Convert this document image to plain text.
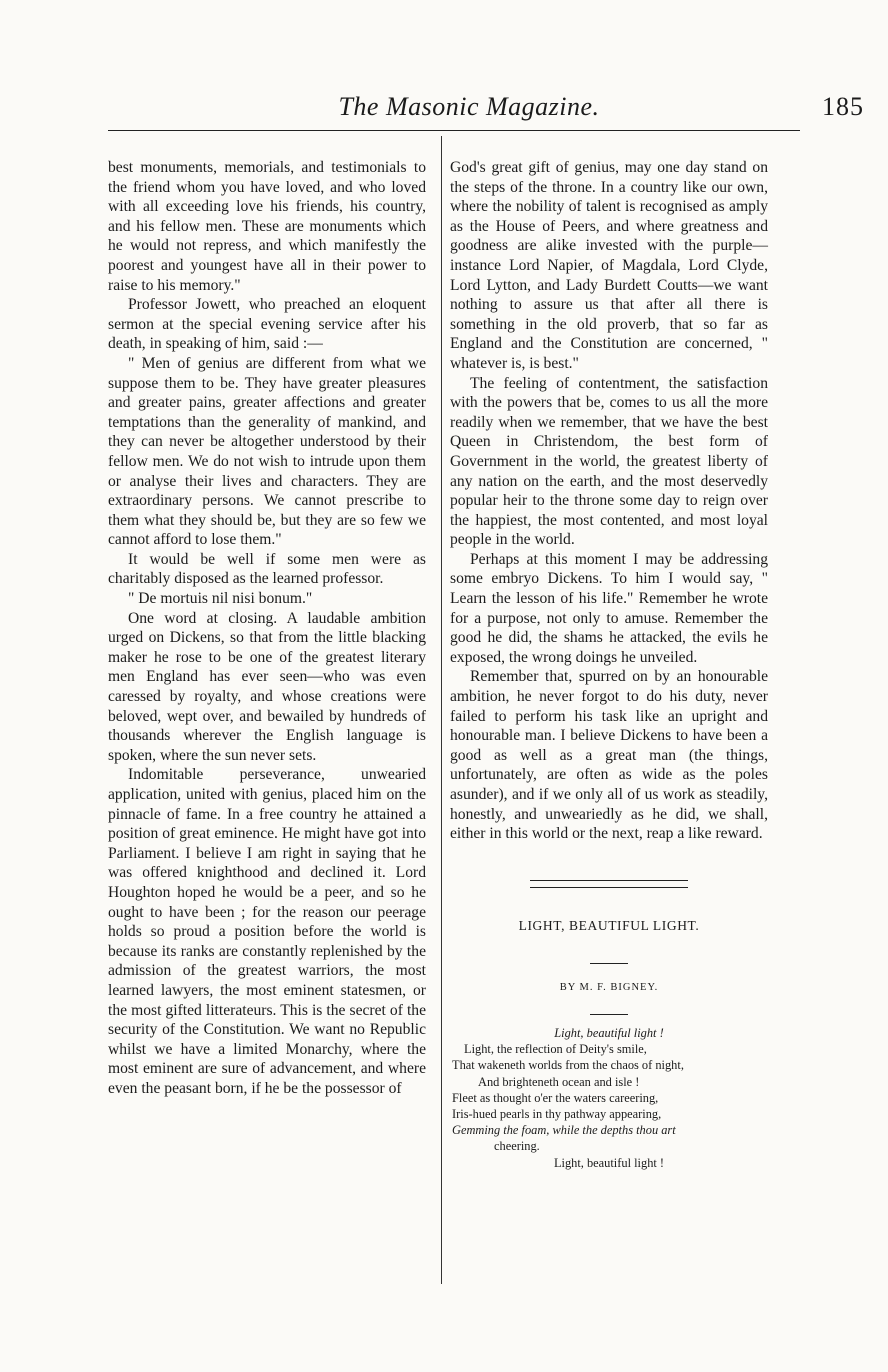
The Masonic Magazine.	185

best monuments, memorials, and testimonials to the friend whom you have loved, and who loved with all exceeding love his friends, his country, and his fellow men. These are monuments which he would not repress, and which manifestly the poorest and youngest have all in their power to raise to his memory."

Professor Jowett, who preached an eloquent sermon at the special evening service after his death, in speaking of him, said :—

" Men of genius are different from what we suppose them to be. They have greater pleasures and greater pains, greater affections and greater temptations than the generality of mankind, and they can never be altogether understood by their fellow men. We do not wish to intrude upon them or analyse their lives and characters. They are extraordinary persons. We cannot prescribe to them what they should be, but they are so few we cannot afford to lose them."

It would be well if some men were as charitably disposed as the learned professor.

" De mortuis nil nisi bonum."

One word at closing. A laudable ambition urged on Dickens, so that from the little blacking maker he rose to be one of the greatest literary men England has ever seen—who was even caressed by royalty, and whose creations were beloved, wept over, and bewailed by hundreds of thousands wherever the English language is spoken, where the sun never sets.

Indomitable perseverance, unwearied application, united with genius, placed him on the pinnacle of fame. In a free country he attained a position of great eminence. He might have got into Parliament. I believe I am right in saying that he was offered knighthood and declined it. Lord Houghton hoped he would be a peer, and so he ought to have been ; for the reason our peerage holds so proud a position before the world is because its ranks are constantly replenished by the admission of the greatest warriors, the most learned lawyers, the most eminent statesmen, or the most gifted litterateurs. This is the secret of the security of the Constitution. We want no Republic whilst we have a limited Monarchy, where the most eminent are sure of advancement, and where even the peasant born, if he be the possessor of

God's great gift of genius, may one day stand on the steps of the throne. In a country like our own, where the nobility of talent is recognised as amply as the House of Peers, and where greatness and goodness are alike invested with the purple—instance Lord Napier, of Magdala, Lord Clyde, Lord Lytton, and Lady Burdett Coutts—we want nothing to assure us that after all there is something in the old proverb, that so far as England and the Constitution are concerned, " whatever is, is best."

The feeling of contentment, the satisfaction with the powers that be, comes to us all the more readily when we remember, that we have the best Queen in Christendom, the best form of Government in the world, the greatest liberty of any nation on the earth, and the most deservedly popular heir to the throne some day to reign over the happiest, the most contented, and most loyal people in the world.

Perhaps at this moment I may be addressing some embryo Dickens. To him I would say, " Learn the lesson of his life." Remember he wrote for a purpose, not only to amuse. Remember the good he did, the shams he attacked, the evils he exposed, the wrong doings he unveiled.

Remember that, spurred on by an honourable ambition, he never forgot to do his duty, never failed to perform his task like an upright and honourable man. I believe Dickens to have been a good as well as a great man (the things, unfortunately, are often as wide as the poles asunder), and if we only all of us work as steadily, honestly, and unweariedly as he did, we shall, either in this world or the next, reap a like reward.

LIGHT, BEAUTIFUL LIGHT.
BY M. F. BIGNEY.
Light, beautiful light !
Light, the reflection of Deity's smile,
That wakeneth worlds from the chaos of night,
And brighteneth ocean and isle !
Fleet as thought o'er the waters careering,
Iris-hued pearls in thy pathway appearing,
Gemming the foam, while the depths thou art
cheering.
Light, beautiful light !
